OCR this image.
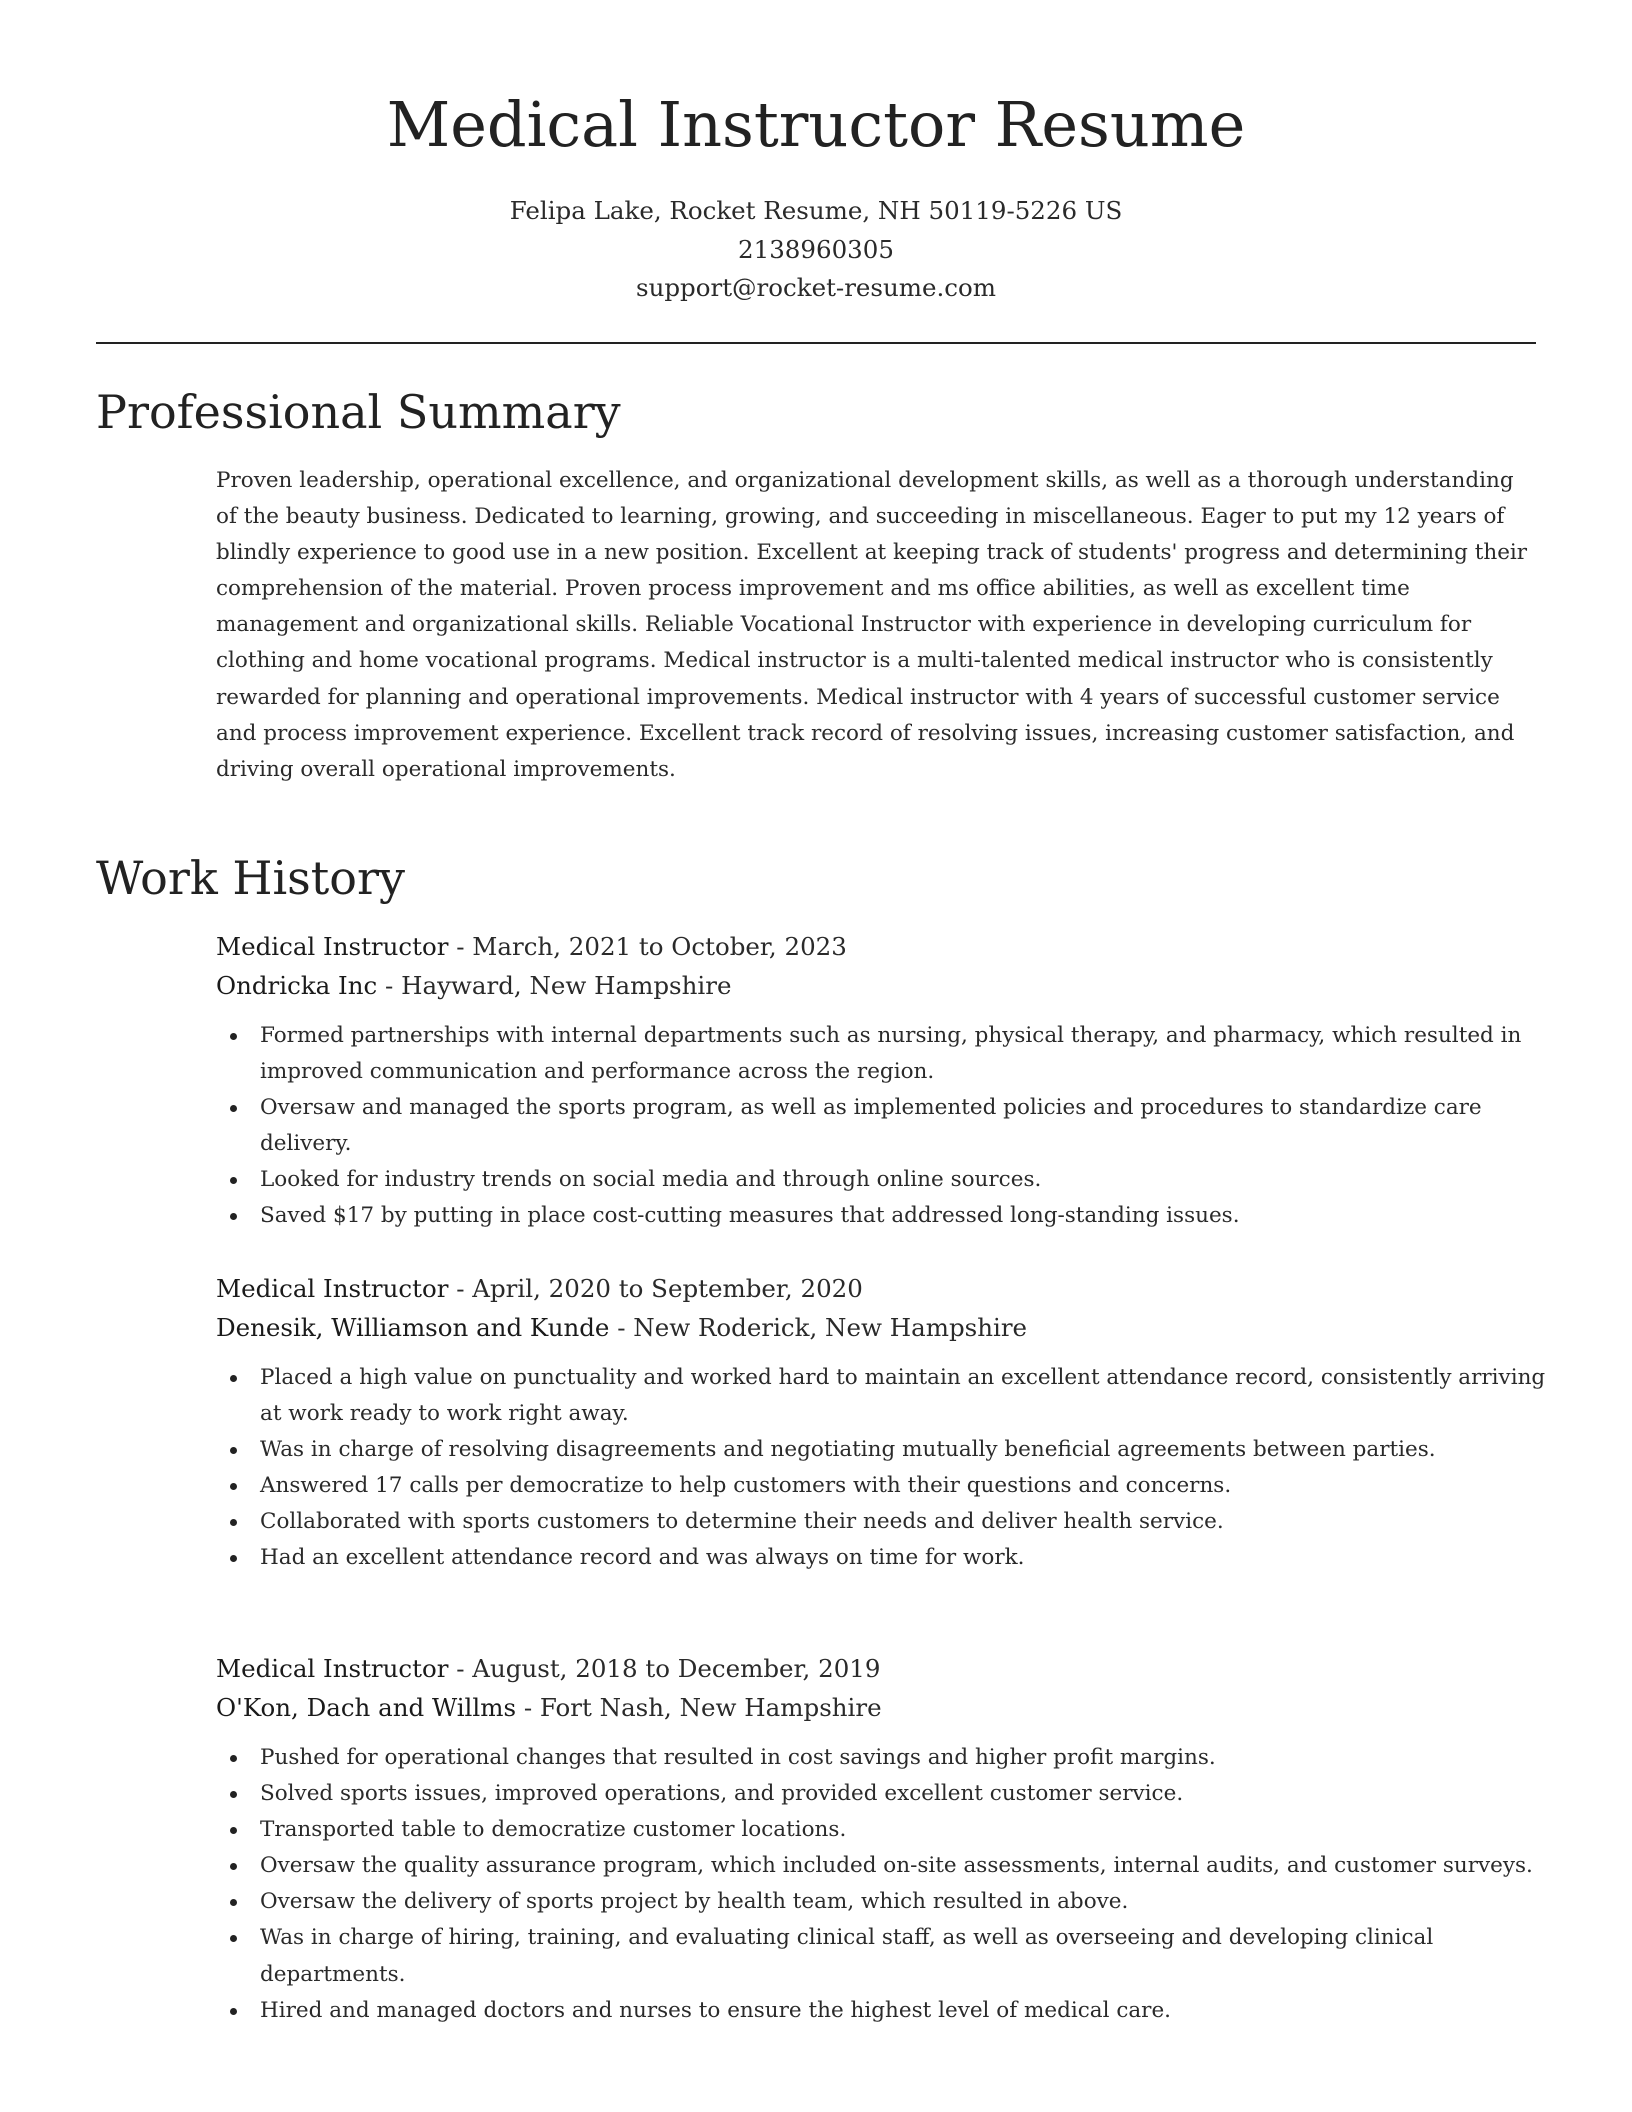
Medical Instructor Resume
Felipa Lake, Rocket Resume, NH 50119-5226 US
2138960305
support@rocket-resume.com
Professional Summary

Proven leadership, operational excellence, and organizational development skills, as well as a thorough understanding of the beauty business. Dedicated to learning, growing, and succeeding in miscellaneous. Eager to put my 12 years of blindly experience to good use in a new position. Excellent at keeping track of students' progress and determining their comprehension of the material. Proven process improvement and ms office abilities, as well as excellent time management and organizational skills. Reliable Vocational Instructor with experience in developing curriculum for clothing and home vocational programs. Medical instructor is a multi-talented medical instructor who is consistently rewarded for planning and operational improvements. Medical instructor with 4 years of successful customer service and process improvement experience. Excellent track record of resolving issues, increasing customer satisfaction, and driving overall operational improvements.

Work History
Medical Instructor - March, 2021 to October, 2023
Ondricka Inc - Hayward, New Hampshire
Formed partnerships with internal departments such as nursing, physical therapy, and pharmacy, which resulted in improved communication and performance across the region.
Oversaw and managed the sports program, as well as implemented policies and procedures to standardize care delivery.
Looked for industry trends on social media and through online sources.
Saved $17 by putting in place cost-cutting measures that addressed long-standing issues.
Medical Instructor - April, 2020 to September, 2020
Denesik, Williamson and Kunde - New Roderick, New Hampshire
Placed a high value on punctuality and worked hard to maintain an excellent attendance record, consistently arriving at work ready to work right away.
Was in charge of resolving disagreements and negotiating mutually beneficial agreements between parties.
Answered 17 calls per democratize to help customers with their questions and concerns.
Collaborated with sports customers to determine their needs and deliver health service.
Had an excellent attendance record and was always on time for work.
Medical Instructor - August, 2018 to December, 2019
O'Kon, Dach and Willms - Fort Nash, New Hampshire
Pushed for operational changes that resulted in cost savings and higher profit margins.
Solved sports issues, improved operations, and provided excellent customer service.
Transported table to democratize customer locations.
Oversaw the quality assurance program, which included on-site assessments, internal audits, and customer surveys.
Oversaw the delivery of sports project by health team, which resulted in above.
Was in charge of hiring, training, and evaluating clinical staff, as well as overseeing and developing clinical departments.
Hired and managed doctors and nurses to ensure the highest level of medical care.
